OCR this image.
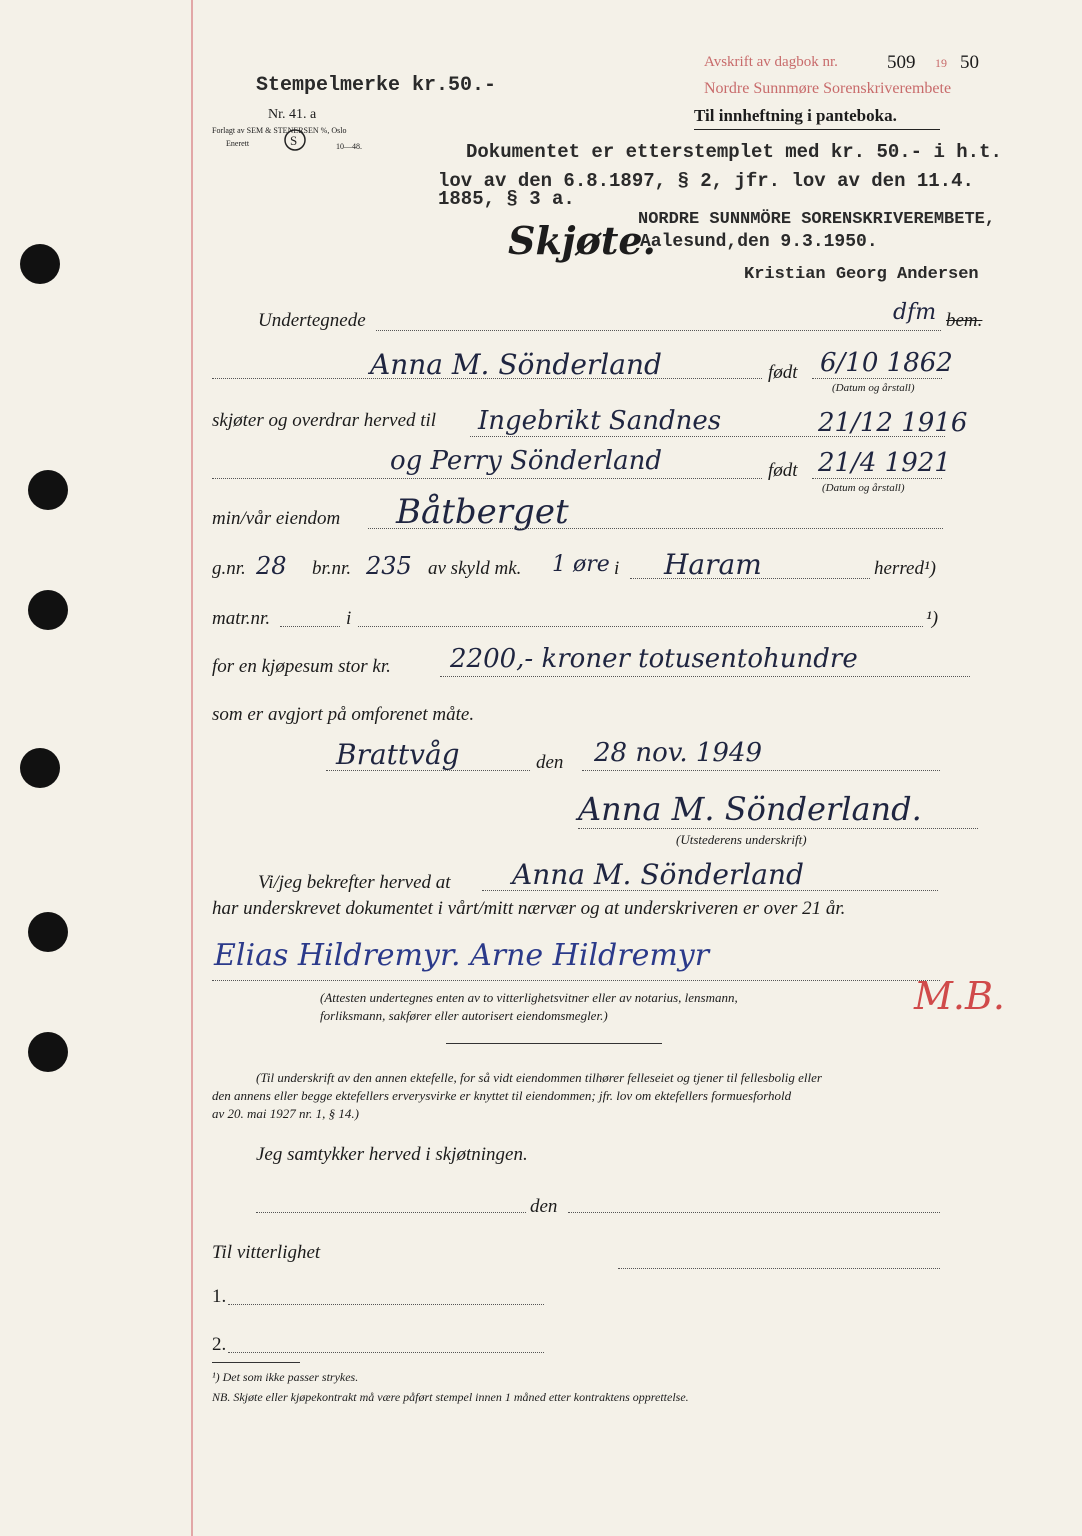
Stempelmerke kr.50.-
Nr. 41. a
Forlagt av SEM & STENERSEN %, Oslo
Enerett	S	10—48.
Avskrift av dagbok nr.	509 19 50
Nordre Sunnmøre Sorenskriverembete
Til innheftning i panteboka.
Dokumentet er etterstemplet med kr. 50.- i h.t.
lov av den 6.8.1897, § 2, jfr. lov av den 11.4.
1885, § 3 a.
NORDRE SUNNMÖRE SORENSKRIVEREMBETE,
Aalesund,den 9.3.1950.
Kristian Georg Andersen
Skjøte.
Undertegnede	dfm bem.
Anna M. Sönderland	født 6/10 1862
(Datum og årstall)
skjøter og overdrar herved til Ingebrikt Sandnes	21/12 1916
og Perry Sönderland	født 21/4 1921
(Datum og årstall)
min/vår eiendom Båtberget
g.nr. 28 br.nr. 235 av skyld mk. 1 øre i Haram	herred¹)
matr.nr.	i	¹)
for en kjøpesum stor kr. 2200,- kroner totusentohundre
som er avgjort på omforenet måte.
Brattvåg	den 28 nov. 1949
Anna M. Sönderland.
(Utstederens underskrift)
Vi/jeg bekrefter herved at Anna M. Sönderland
har underskrevet dokumentet i vårt/mitt nærvær og at underskriveren er over 21 år.
Elias Hildremyr. Arne Hildremyr
(Attesten undertegnes enten av to vitterlighetsvitner eller av notarius, lensmann,
forliksmann, sakfører eller autorisert eiendomsmegler.)	M.B.
(Til underskrift av den annen ektefelle, for så vidt eiendommen tilhører felleseiet og tjener til fellesbolig eller
den annens eller begge ektefellers erverysvirke er knyttet til eiendommen; jfr. lov om ektefellers formuesforhold
av 20. mai 1927 nr. 1, § 14.)
Jeg samtykker herved i skjøtningen.
den
Til vitterlighet
1.
2.
¹) Det som ikke passer strykes.
NB. Skjøte eller kjøpekontrakt må være påført stempel innen 1 måned etter kontraktens opprettelse.
